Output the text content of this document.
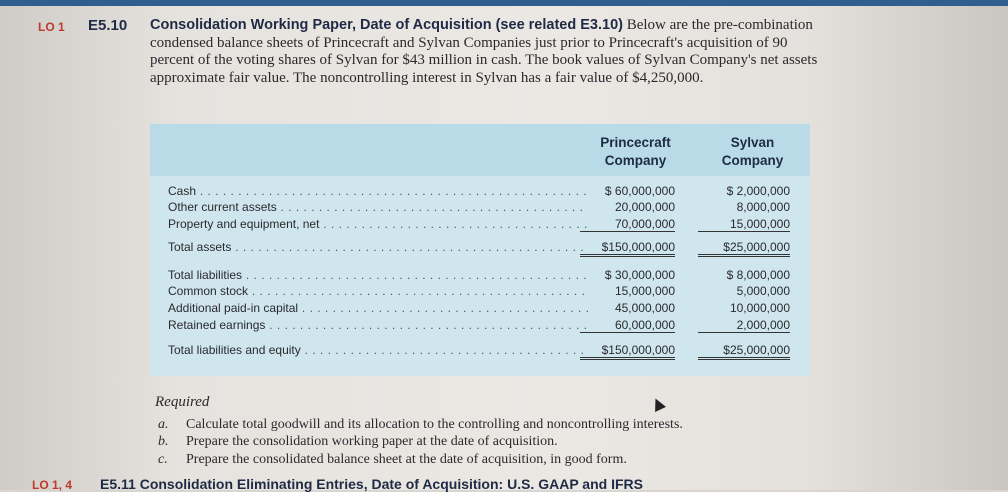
LO 1 E5.10 Consolidation Working Paper, Date of Acquisition (see related E3.10) Below are the pre-combination condensed balance sheets of Princecraft and Sylvan Companies just prior to Princecraft's acquisition of 90 percent of the voting shares of Sylvan for $43 million in cash. The book values of Sylvan Company's net assets approximate fair value. The noncontrolling interest in Sylvan has a fair value of $4,250,000.
Princecraft
Company
Sylvan
Company
Cash . . .	$ 60,000,000	$ 2,000,000
Other current assets . . .	20,000,000	8,000,000
Property and equipment, net . . .	70,000,000	15,000,000
Total assets . . .	$150,000,000	$25,000,000
Total liabilities . . .	$ 30,000,000	$ 8,000,000
Common stock . . .	15,000,000	5,000,000
Additional paid-in capital . . .	45,000,000	10,000,000
Retained earnings . . .	60,000,000	2,000,000
Total liabilities and equity . . .	$150,000,000	$25,000,000
Required
a. Calculate total goodwill and its allocation to the controlling and noncontrolling interests.
b. Prepare the consolidation working paper at the date of acquisition.
c. Prepare the consolidated balance sheet at the date of acquisition, in good form.
LO 1, 4 E5.11 Consolidation Eliminating Entries, Date of Acquisition: U.S. GAAP and IFRS
